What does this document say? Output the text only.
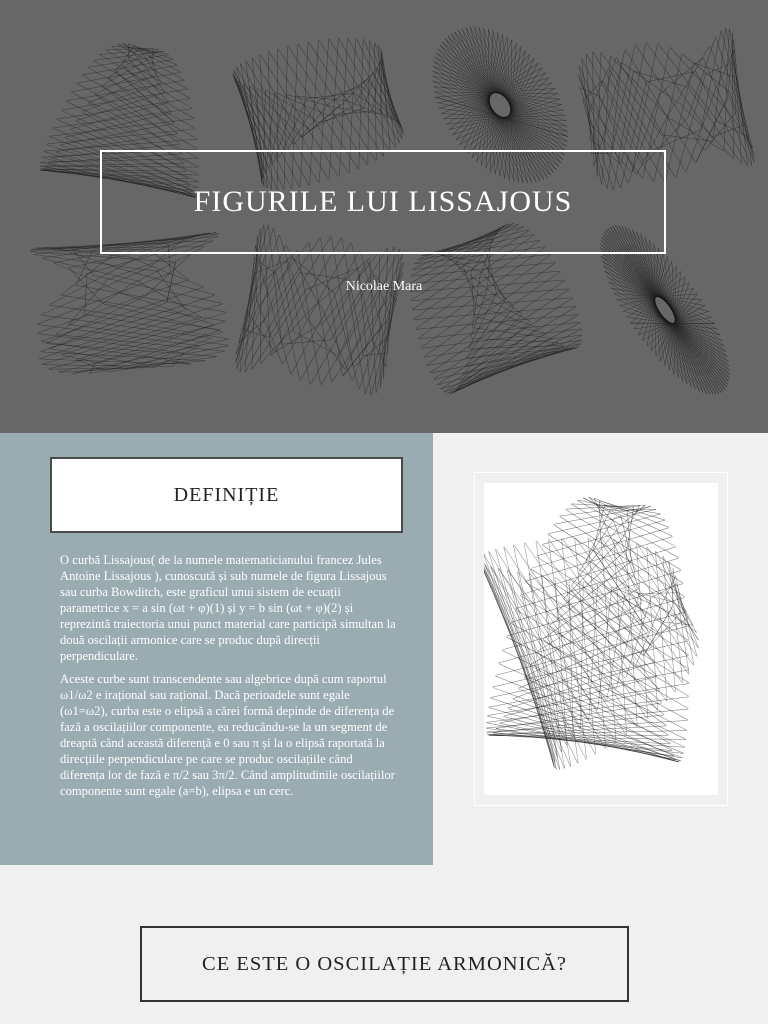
FIGURILE LUI LISSAJOUS
Nicolae Mara
DEFINIȚIE

O curbă Lissajous( de la numele matematicianului francez Jules Antoine Lissajous ), cunoscută și sub numele de figura Lissajous sau curba Bowditch, este graficul unui sistem de ecuații parametrice x = a sin (ωt + φ)(1) și y = b sin (ωt + φ)(2) și reprezintă traiectoria unui punct material care participă simultan la două oscilații armonice care se produc după direcții perpendiculare.

Aceste curbe sunt transcendente sau algebrice după cum raportul ω1/ω2 e irațional sau rațional. Dacă perioadele sunt egale (ω1=ω2), curba este o elipsă a cărei formă depinde de diferența de fază a oscilațiilor componente, ea reducându-se la un segment de dreaptă când această diferență e 0 sau π și la o elipsă raportată la direcțiile perpendiculare pe care se produc oscilațiile când diferența lor de fază e π/2 sau 3π/2. Când amplitudinile oscilațiilor componente sunt egale (a=b), elipsa e un cerc.

CE ESTE O OSCILAȚIE ARMONICĂ?
